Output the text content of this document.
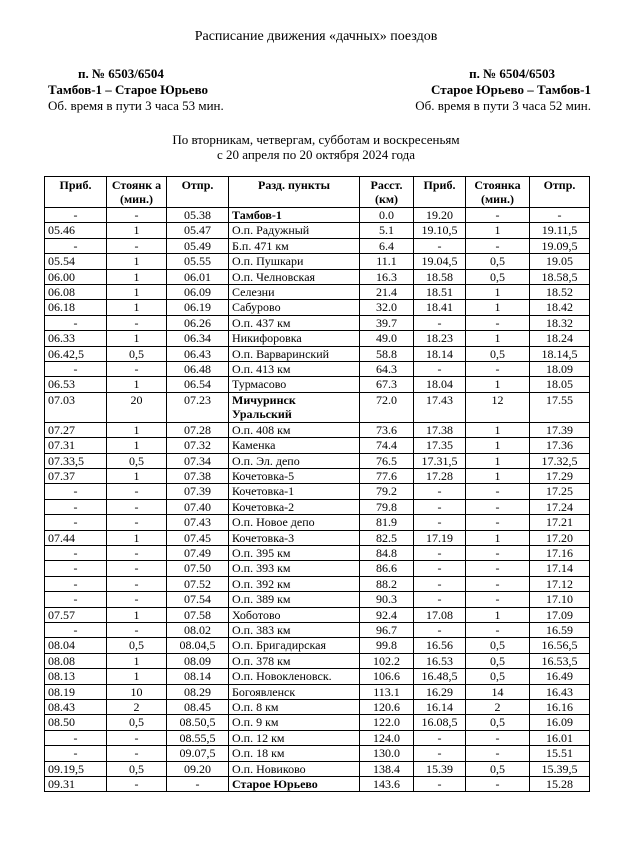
Расписание движения «дачных» поездов
п. № 6503/6504
Тамбов-1 – Старое Юрьево
Об. время в пути 3 часа 53 мин.
п. № 6504/6503
Старое Юрьево – Тамбов-1
Об. время в пути 3 часа 52 мин.
По вторникам, четвергам, субботам и воскресеньям
с 20 апреля по 20 октября 2024 года
Приб.	Стоянк а (мин.)	Отпр.	Разд. пункты	Расст. (км)	Приб.	Стоянка (мин.)	Отпр.
-	-	05.38	Тамбов-1	0.0	19.20	-	-
05.46	1	05.47	О.п. Радужный	5.1	19.10,5	1	19.11,5
-	-	05.49	Б.п. 471 км	6.4	-	-	19.09,5
05.54	1	05.55	О.п. Пушкари	11.1	19.04,5	0,5	19.05
06.00	1	06.01	О.п. Челновская	16.3	18.58	0,5	18.58,5
06.08	1	06.09	Селезни	21.4	18.51	1	18.52
06.18	1	06.19	Сабурово	32.0	18.41	1	18.42
-	-	06.26	О.п. 437 км	39.7	-	-	18.32
06.33	1	06.34	Никифоровка	49.0	18.23	1	18.24
06.42,5	0,5	06.43	О.п. Варваринский	58.8	18.14	0,5	18.14,5
-	-	06.48	О.п. 413 км	64.3	-	-	18.09
06.53	1	06.54	Турмасово	67.3	18.04	1	18.05
07.03	20	07.23	Мичуринск Уральский	72.0	17.43	12	17.55
07.27	1	07.28	О.п. 408 км	73.6	17.38	1	17.39
07.31	1	07.32	Каменка	74.4	17.35	1	17.36
07.33,5	0,5	07.34	О.п. Эл. депо	76.5	17.31,5	1	17.32,5
07.37	1	07.38	Кочетовка-5	77.6	17.28	1	17.29
-	-	07.39	Кочетовка-1	79.2	-	-	17.25
-	-	07.40	Кочетовка-2	79.8	-	-	17.24
-	-	07.43	О.п. Новое депо	81.9	-	-	17.21
07.44	1	07.45	Кочетовка-3	82.5	17.19	1	17.20
-	-	07.49	О.п. 395 км	84.8	-	-	17.16
-	-	07.50	О.п. 393 км	86.6	-	-	17.14
-	-	07.52	О.п. 392 км	88.2	-	-	17.12
-	-	07.54	О.п. 389 км	90.3	-	-	17.10
07.57	1	07.58	Хоботово	92.4	17.08	1	17.09
-	-	08.02	О.п. 383 км	96.7	-	-	16.59
08.04	0,5	08.04,5	О.п. Бригадирская	99.8	16.56	0,5	16.56,5
08.08	1	08.09	О.п. 378 км	102.2	16.53	0,5	16.53,5
08.13	1	08.14	О.п. Новокленовск.	106.6	16.48,5	0,5	16.49
08.19	10	08.29	Богоявленск	113.1	16.29	14	16.43
08.43	2	08.45	О.п. 8 км	120.6	16.14	2	16.16
08.50	0,5	08.50,5	О.п. 9 км	122.0	16.08,5	0,5	16.09
-	-	08.55,5	О.п. 12 км	124.0	-	-	16.01
-	-	09.07,5	О.п. 18 км	130.0	-	-	15.51
09.19,5	0,5	09.20	О.п. Новиково	138.4	15.39	0,5	15.39,5
09.31	-	-	Старое Юрьево	143.6	-	-	15.28
